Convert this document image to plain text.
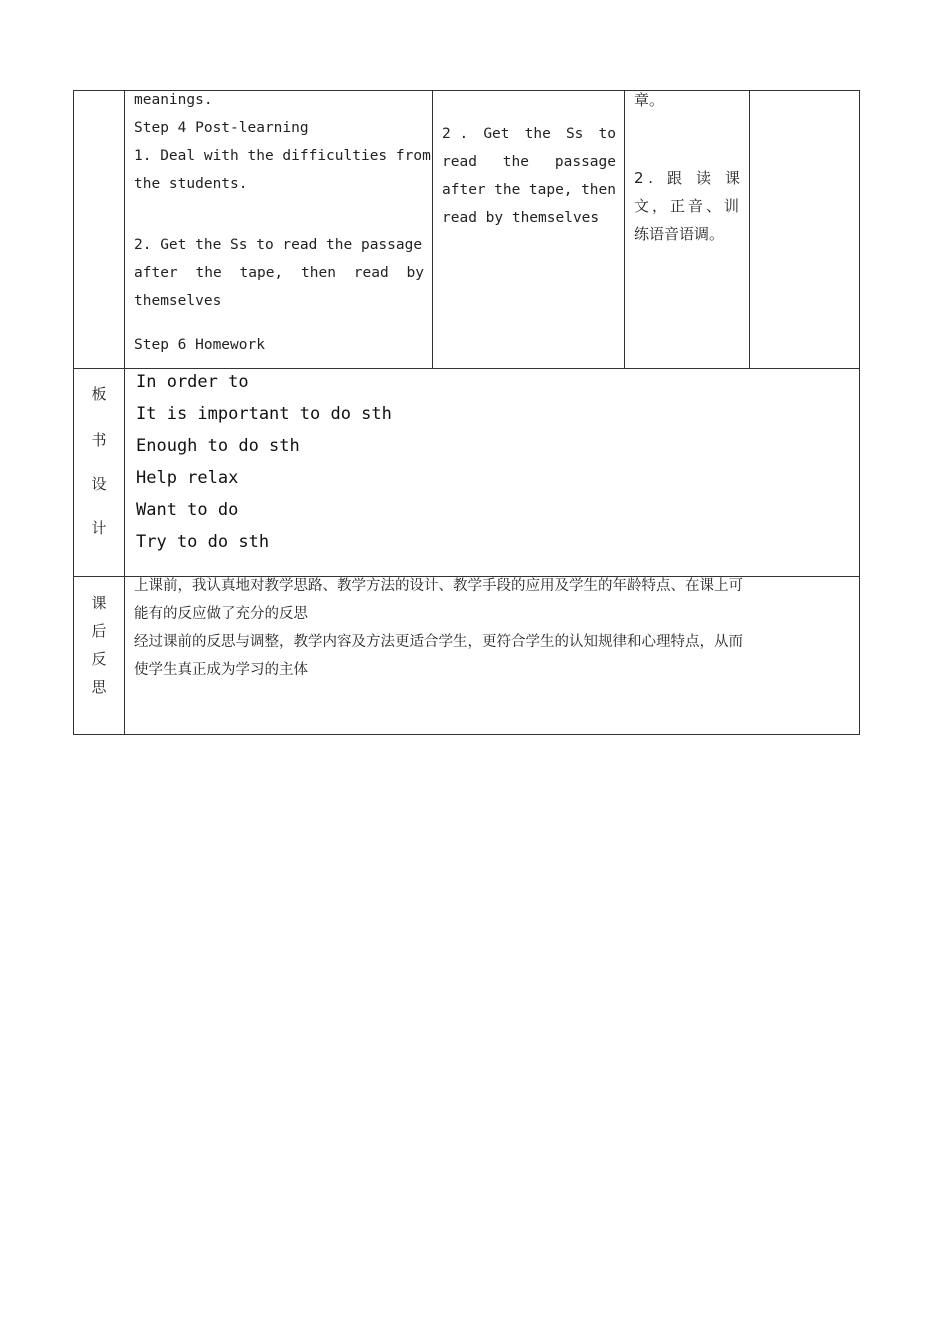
meanings.
Step 4 Post-learning
1. Deal with the difficulties from
the students.
2. Get the Ss to read the passage
after the tape, then read by
themselves
Step 6 Homework
2 . Get the Ss to
read the passage
after the tape, then
read by themselves
章。
2 . 跟 读 课
文，正音、训
练语音语调。
板
书
设
计
In order to
It is important to do sth
Enough to do sth
Help relax
Want to do
Try to do sth
课
后
反
思
上课前，我认真地对教学思路、教学方法的设计、教学手段的应用及学生的年龄特点、在课上可
能有的反应做了充分的反思
经过课前的反思与调整，教学内容及方法更适合学生，更符合学生的认知规律和心理特点，从而
使学生真正成为学习的主体
